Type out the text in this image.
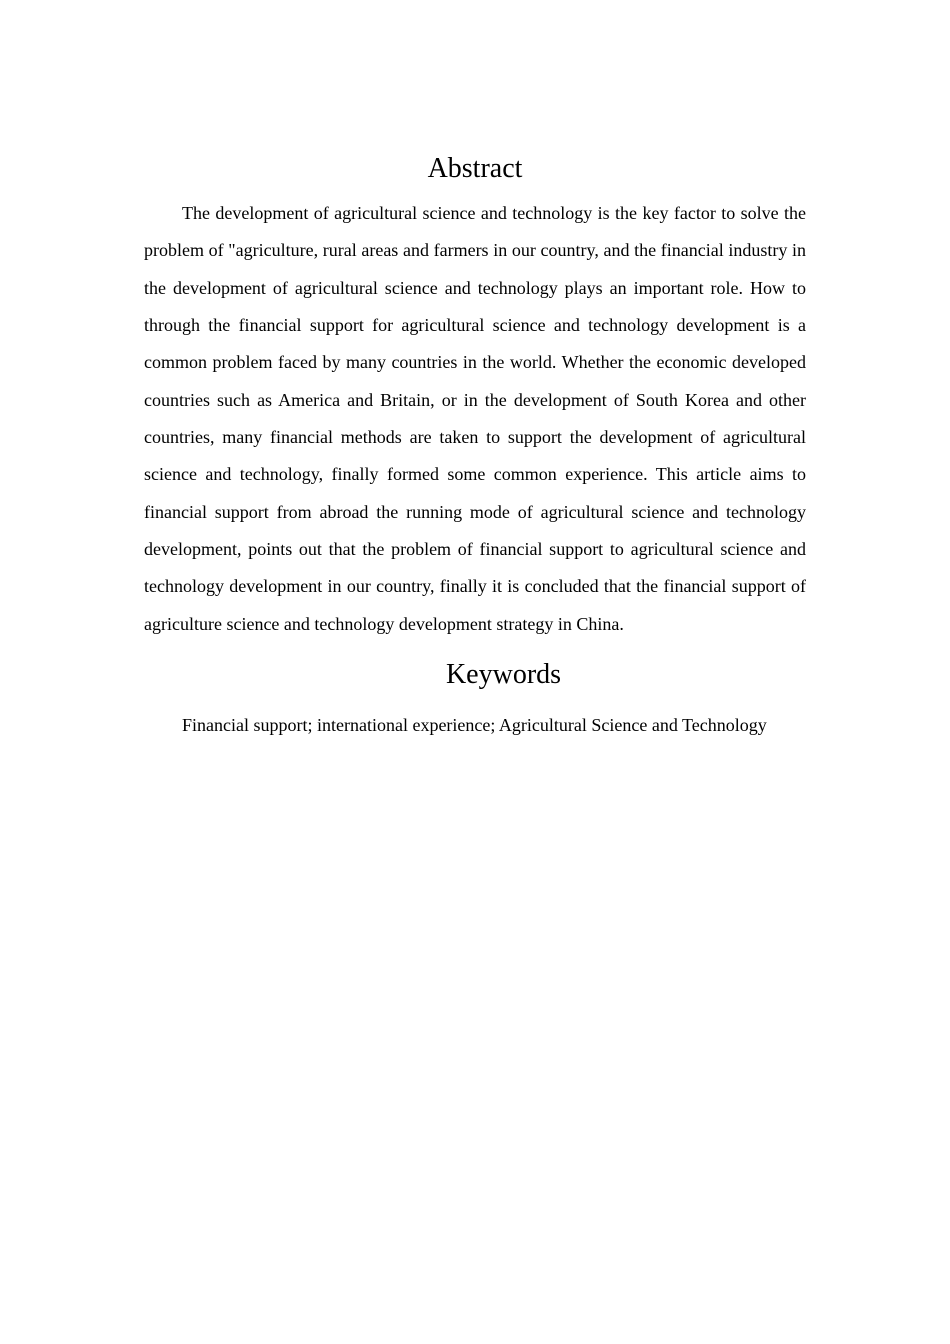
Abstract

The development of agricultural science and technology is the key factor to solve the problem of "agriculture, rural areas and farmers in our country, and the financial industry in the development of agricultural science and technology plays an important role. How to through the financial support for agricultural science and technology development is a common problem faced by many countries in the world. Whether the economic developed countries such as America and Britain, or in the development of South Korea and other countries, many financial methods are taken to support the development of agricultural science and technology, finally formed some common experience. This article aims to financial support from abroad the running mode of agricultural science and technology development, points out that the problem of financial support to agricultural science and technology development in our country, finally it is concluded that the financial support of agriculture science and technology development strategy in China.

Keywords

Financial support; international experience; Agricultural Science and Technology
